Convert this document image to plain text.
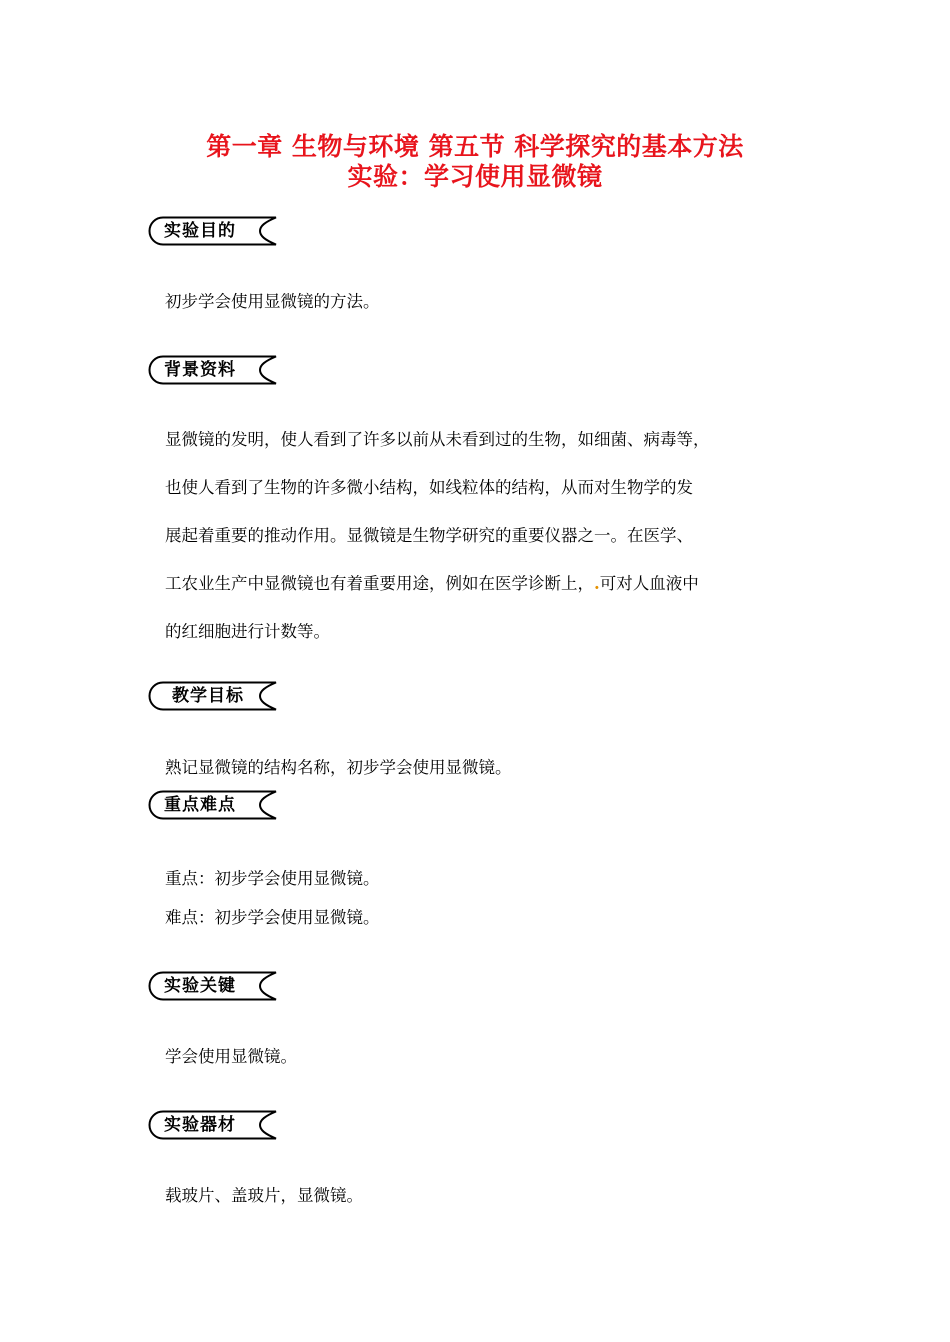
第一章 生物与环境 第五节 科学探究的基本方法
实验：学习使用显微镜
实验目的
初步学会使用显微镜的方法。
背景资料
显微镜的发明，使人看到了许多以前从未看到过的生物，如细菌、病毒等，
也使人看到了生物的许多微小结构，如线粒体的结构，从而对生物学的发
展起着重要的推动作用。显微镜是生物学研究的重要仪器之一。在医学、
工农业生产中显微镜也有着重要用途，例如在医学诊断上，.可对人血液中
的红细胞进行计数等。
教学目标
熟记显微镜的结构名称，初步学会使用显微镜。
重点难点
重点：初步学会使用显微镜。
难点：初步学会使用显微镜。
实验关键
学会使用显微镜。
实验器材
载玻片、盖玻片，显微镜。
